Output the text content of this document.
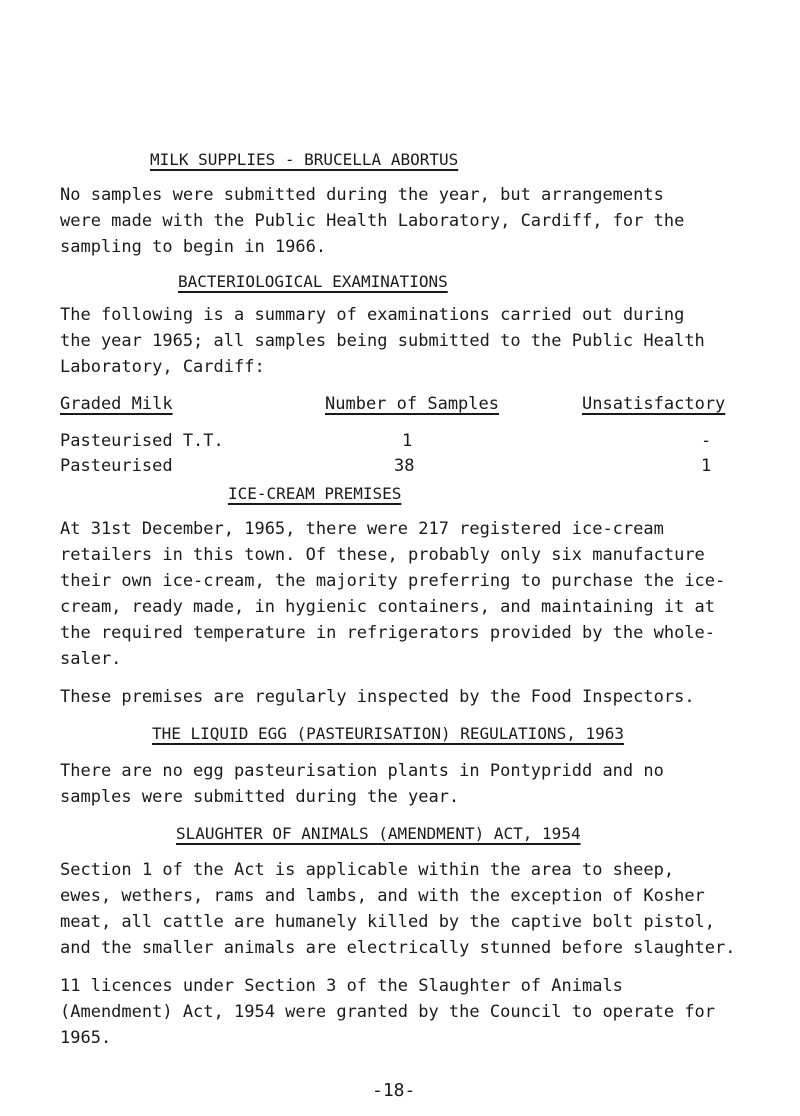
MILK SUPPLIES - BRUCELLA ABORTUS
No samples were submitted during the year, but arrangements
were made with the Public Health Laboratory, Cardiff, for the
sampling to begin in 1966.
BACTERIOLOGICAL EXAMINATIONS
The following is a summary of examinations carried out during
the year 1965; all samples being submitted to the Public Health
Laboratory, Cardiff:
Graded Milk	Number of Samples	Unsatisfactory
Pasteurised T.T.	1	-
Pasteurised	38	1
ICE-CREAM PREMISES
At 31st December, 1965, there were 217 registered ice-cream
retailers in this town. Of these, probably only six manufacture
their own ice-cream, the majority preferring to purchase the ice-
cream, ready made, in hygienic containers, and maintaining it at
the required temperature in refrigerators provided by the whole-
saler.
These premises are regularly inspected by the Food Inspectors.
THE LIQUID EGG (PASTEURISATION) REGULATIONS, 1963
There are no egg pasteurisation plants in Pontypridd and no
samples were submitted during the year.
SLAUGHTER OF ANIMALS (AMENDMENT) ACT, 1954
Section 1 of the Act is applicable within the area to sheep,
ewes, wethers, rams and lambs, and with the exception of Kosher
meat, all cattle are humanely killed by the captive bolt pistol,
and the smaller animals are electrically stunned before slaughter.
11 licences under Section 3 of the Slaughter of Animals
(Amendment) Act, 1954 were granted by the Council to operate for
1965.
-18-
